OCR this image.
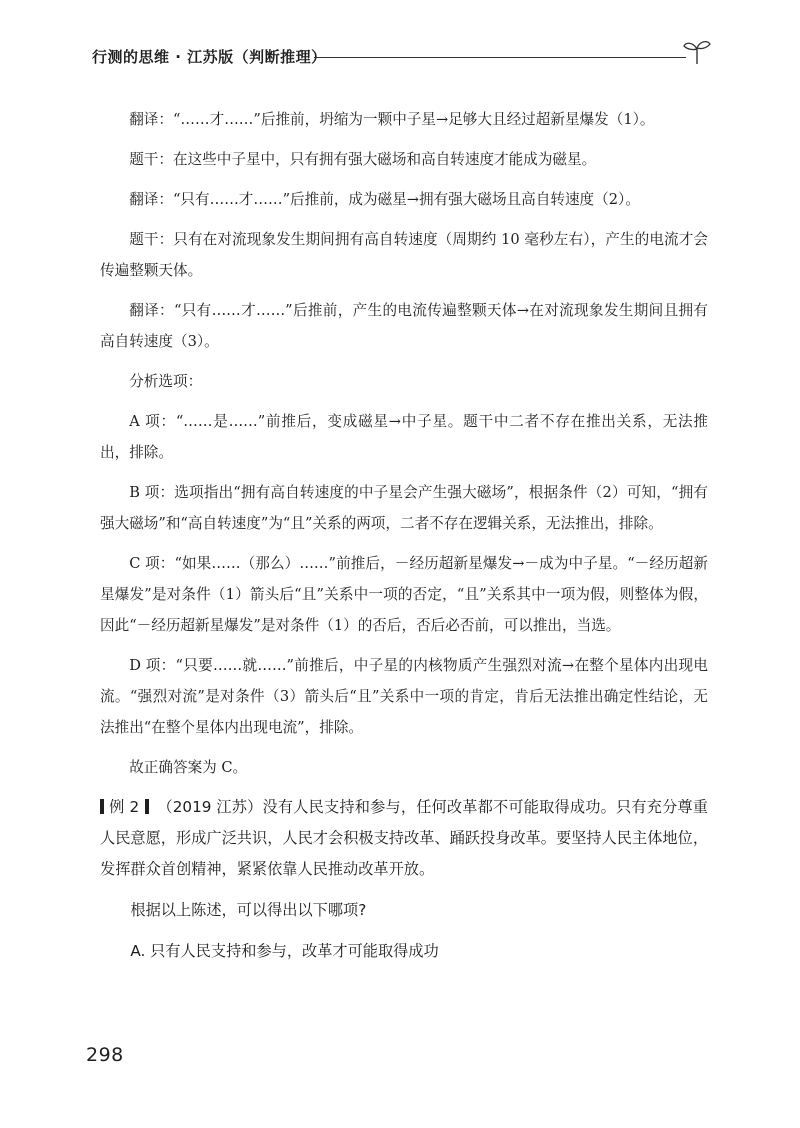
行测的思维 · 江苏版（判断推理）

翻译：“……才……”后推前，坍缩为一颗中子星→足够大且经过超新星爆发（1）。

题干：在这些中子星中，只有拥有强大磁场和高自转速度才能成为磁星。

翻译：“只有……才……”后推前，成为磁星→拥有强大磁场且高自转速度（2）。

题干：只有在对流现象发生期间拥有高自转速度（周期约 10 毫秒左右），产生的电流才会传遍整颗天体。

翻译：“只有……才……”后推前，产生的电流传遍整颗天体→在对流现象发生期间且拥有高自转速度（3）。

分析选项：

A 项：“……是……”前推后，变成磁星→中子星。题干中二者不存在推出关系，无法推出，排除。

B 项：选项指出“拥有高自转速度的中子星会产生强大磁场”，根据条件（2）可知，“拥有强大磁场”和“高自转速度”为“且”关系的两项，二者不存在逻辑关系，无法推出，排除。

C 项：“如果……（那么）……”前推后，－经历超新星爆发→－成为中子星。“－经历超新星爆发”是对条件（1）箭头后“且”关系中一项的否定，“且”关系其中一项为假，则整体为假，因此“－经历超新星爆发”是对条件（1）的否后，否后必否前，可以推出，当选。

D 项：“只要……就……”前推后，中子星的内核物质产生强烈对流→在整个星体内出现电流。“强烈对流”是对条件（3）箭头后“且”关系中一项的肯定，肯后无法推出确定性结论，无法推出“在整个星体内出现电流”，排除。

故正确答案为 C。

例 2 （2019 江苏）没有人民支持和参与，任何改革都不可能取得成功。只有充分尊重人民意愿，形成广泛共识，人民才会积极支持改革、踊跃投身改革。要坚持人民主体地位，发挥群众首创精神，紧紧依靠人民推动改革开放。

根据以上陈述，可以得出以下哪项?

A. 只有人民支持和参与，改革才可能取得成功

298
